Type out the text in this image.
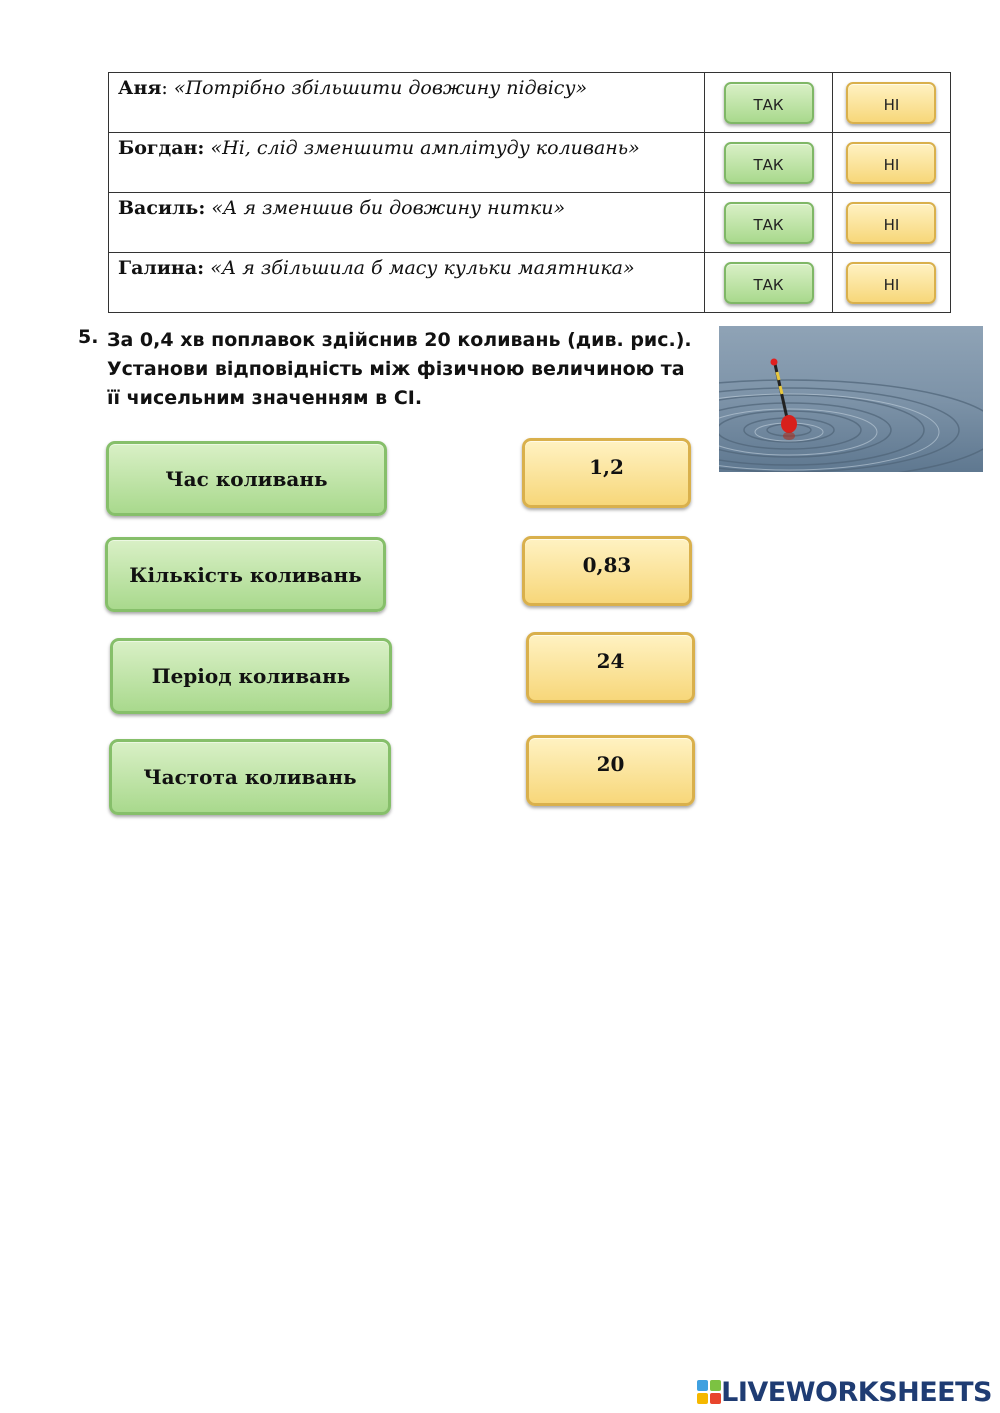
Аня: «Потрібно збільшити довжину підвісу»	ТАК	НІ
Богдан: «Ні, слід зменшити амплітуду коливань»	ТАК	НІ
Василь: «А я зменшив би довжину нитки»	ТАК	НІ
Галина: «А я збільшила б масу кульки маятника»	ТАК	НІ
5. За 0,4 хв поплавок здійснив 20 коливань (див. рис.).
Установи відповідність між фізичною величиною та
її чисельним значенням в СІ.
Час коливань
Кількість коливань
Період коливань
Частота коливань
1,2
0,83
24
20
LIVEWORKSHEETS
